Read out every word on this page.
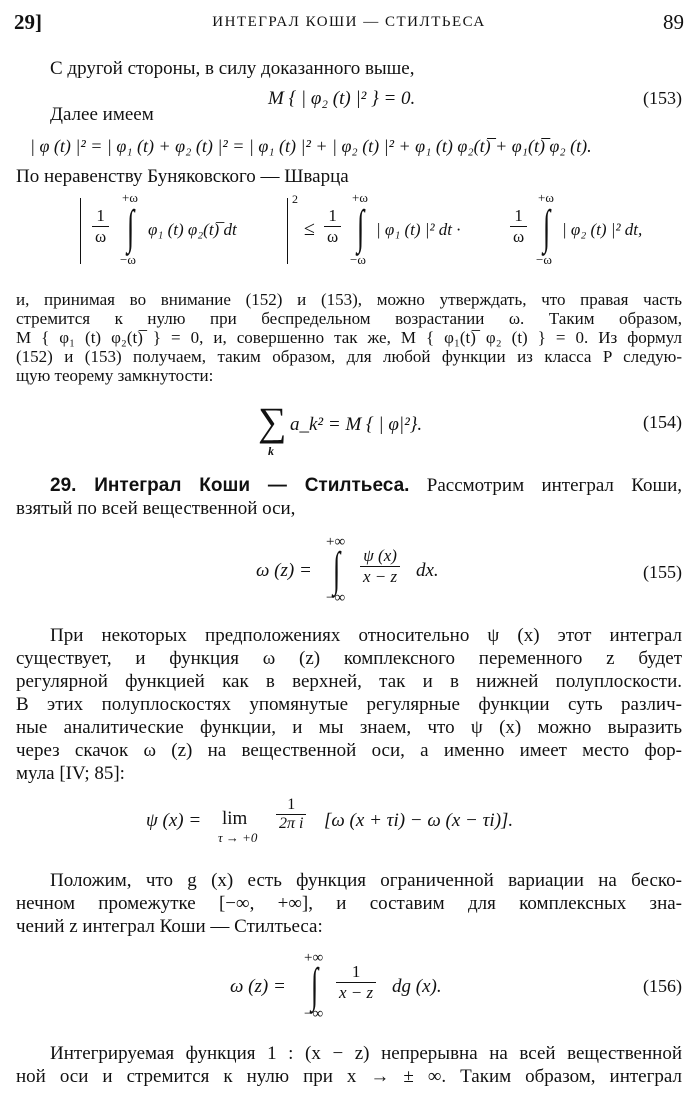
29]	ИНТЕГРАЛ КОШИ — СТИЛТЬЕСА	89
С другой стороны, в силу доказанного выше,
M { | φ₂ (t) |² } = 0.	(153)
Далее имеем
| φ (t) |² = | φ₁ (t) + φ₂ (t) |² = | φ₁ (t) |² + | φ₂ (t) |² + φ₁ (t) φ₂(t)̅ + φ₁(t)̅ φ₂ (t).
По неравенству Буняковского — Шварца
$\frac{1}{\omega}$
+ω
∫
−ω
φ₁ (t) φ₂(t)̅ dt
2
≤ $\frac{1}{\omega}$
+ω
∫
−ω
| φ₁ (t) |² dt ·	$\frac{1}{\omega}$
+ω
∫
−ω
| φ₂ (t) |² dt,
и, принимая во внимание (152) и (153), можно утверждать, что правая часть
стремится к нулю при беспредельном возрастании ω. Таким образом,
M { φ₁ (t) φ₂(t)̅ } = 0, и, совершенно так же, M { φ₁(t)̅ φ₂ (t) } = 0. Из формул
(152) и (153) получаем, таким образом, для любой функции из класса P следую-
щую теорему замкнутости:
∑
k
a_k² = M { | φ|²}.	(154)
29. Интеграл Коши — Стилтьеса. Рассмотрим интеграл Коши,
взятый по всей вещественной оси,
ω (z) =
+∞
∫
−∞
$\frac{\psi (x)}{x - z}$ dx.	(155)
При некоторых предположениях относительно ψ (x) этот интеграл
существует, и функция ω (z) комплексного переменного z будет
регулярной функцией как в верхней, так и в нижней полуплоскости.
В этих полуплоскостях упомянутые регулярные функции суть различ-
ные аналитические функции, и мы знаем, что ψ (x) можно выразить
через скачок ω (z) на вещественной оси, а именно имеет место фор-
мула [IV; 85]:
ψ (x) = lim
τ → +0
$\frac{1}{\text{2π i}} [\omega$ (x + τi) − ω (x − τi)].
Положим, что g (x) есть функция ограниченной вариации на беско-
нечном промежутке [−∞, +∞], и составим для комплексных зна-
чений z интеграл Коши — Стилтьеса:
ω (z) =
+∞
∫
−∞
$\frac{1}{x - z}$ dg (x).	(156)
Интегрируемая функция 1 : (x − z) непрерывна на всей вещественной
ной оси и стремится к нулю при x → ± ∞. Таким образом, интеграл
